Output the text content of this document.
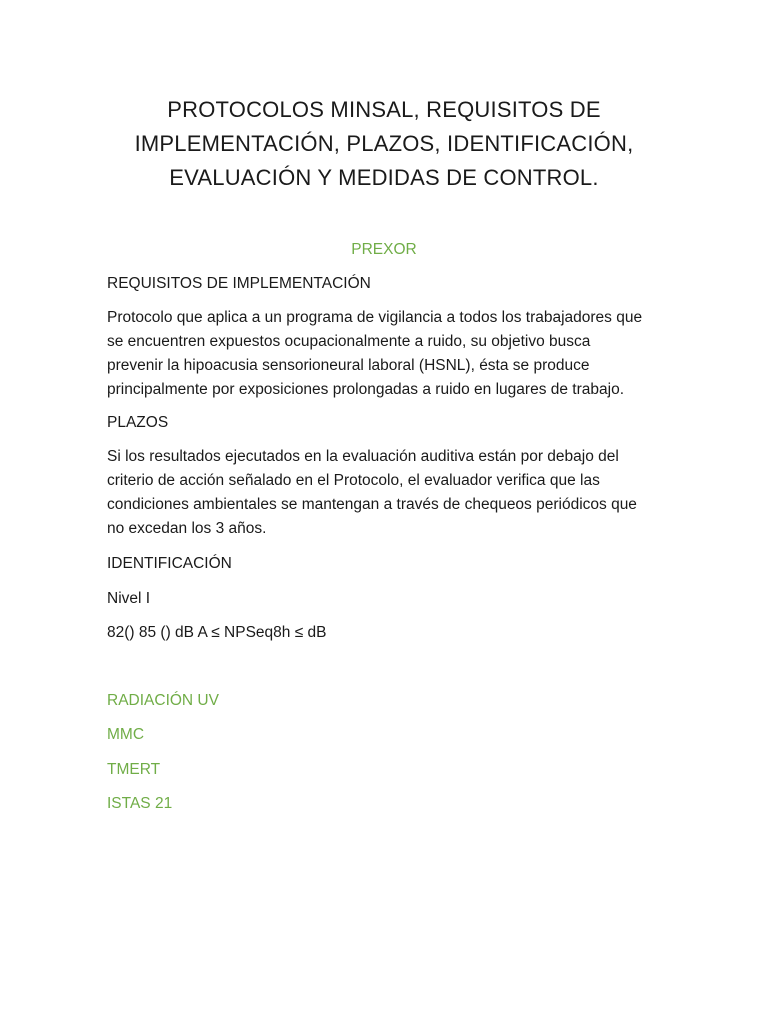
PROTOCOLOS MINSAL, REQUISITOS DE
IMPLEMENTACIÓN, PLAZOS, IDENTIFICACIÓN,
EVALUACIÓN Y MEDIDAS DE CONTROL.
PREXOR
REQUISITOS DE IMPLEMENTACIÓN
Protocolo que aplica a un programa de vigilancia a todos los trabajadores que
se encuentren expuestos ocupacionalmente a ruido, su objetivo busca
prevenir la hipoacusia sensorioneural laboral (HSNL), ésta se produce
principalmente por exposiciones prolongadas a ruido en lugares de trabajo.
PLAZOS
Si los resultados ejecutados en la evaluación auditiva están por debajo del
criterio de acción señalado en el Protocolo, el evaluador verifica que las
condiciones ambientales se mantengan a través de chequeos periódicos que
no excedan los 3 años.
IDENTIFICACIÓN
Nivel I
82() 85 () dB A ≤ NPSeq8h ≤ dB
RADIACIÓN UV
MMC
TMERT
ISTAS 21
